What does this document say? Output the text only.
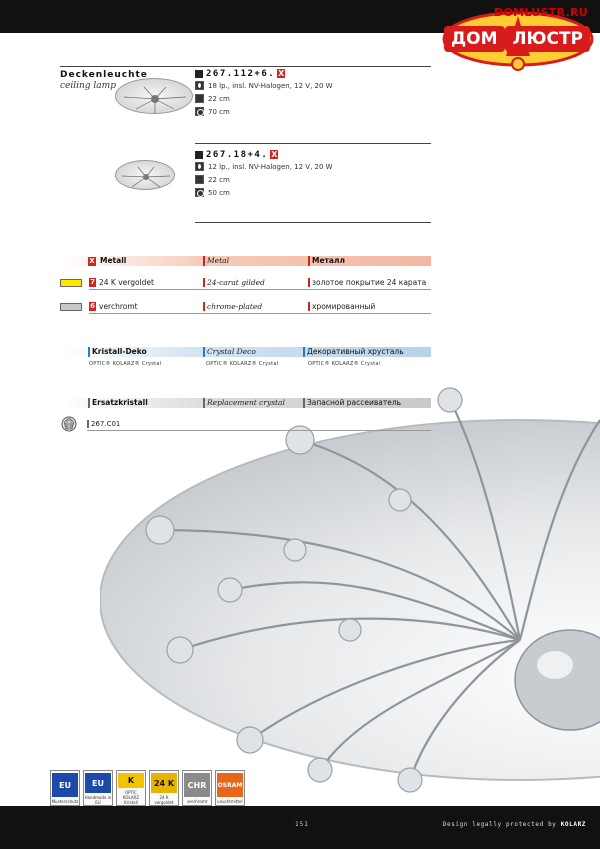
DOMLUSTR.RU
ДОМ ЛЮСТР
Deckenleuchte
ceiling lamp
267.112+6. X
18 lp., insl. NV-Halogen, 12 V, 20 W
22 cm
70 cm
267.18+4. X
12 lp., insl. NV-Halogen, 12 V, 20 W
22 cm
50 cm
X Metall	Metal	Металл
7 24 K vergoldet	24-carat gilded	золотое покрытие 24 карата
6 verchromt	chrome-plated	хромированный
Kristall-Deko	Crystal Deco	Декоративный хрусталь
OPTIC® KOLARZ® Crystal	OPTIC® KOLARZ® Crystal	OPTIC® KOLARZ® Crystal
Ersatzkristall	Replacement crystal	Запасной рассеиватель
267.C01
EU
Musterschutz
EU
Handmade in EU
K
OPTIC KOLARZ Kristall
24 K
24 K vergoldet
CHR
verchromt
OSRAM
Leuchtmittel
151	Design legally protected by KOLARZ
